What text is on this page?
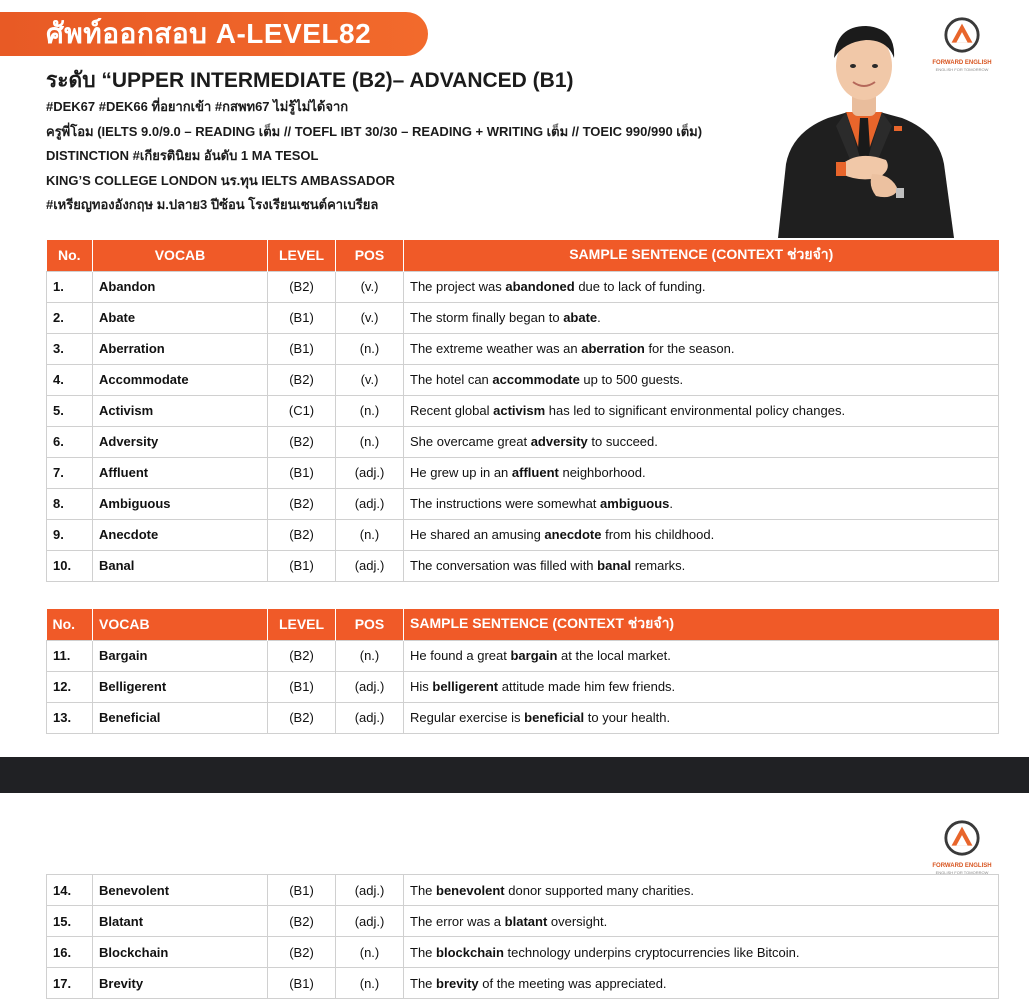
ศัพท์ออกสอบ A-LEVEL82
ระดับ “UPPER INTERMEDIATE (B2)– ADVANCED (B1)
#DEK67 #DEK66 ที่อยากเข้า #กสพท67 ไม่รู้ไม่ได้จาก
ครูพี่โอม (IELTS 9.0/9.0 – READING เต็ม // TOEFL IBT 30/30 – READING + WRITING เต็ม // TOEIC 990/990 เต็ม)
DISTINCTION #เกียรตินิยม อันดับ 1 MA TESOL
KING’S COLLEGE LONDON นร.ทุน IELTS AMBASSADOR
#เหรียญทองอังกฤษ ม.ปลาย3 ปีซ้อน โรงเรียนเซนต์คาเบรียล
FORWARD ENGLISH
ENGLISH FOR TOMORROW
No.	VOCAB	LEVEL	POS	SAMPLE SENTENCE (CONTEXT ช่วยจำ)
1.	Abandon	(B2)	(v.)	The project was abandoned due to lack of funding.
2.	Abate	(B1)	(v.)	The storm finally began to abate.
3.	Aberration	(B1)	(n.)	The extreme weather was an aberration for the season.
4.	Accommodate	(B2)	(v.)	The hotel can accommodate up to 500 guests.
5.	Activism	(C1)	(n.)	Recent global activism has led to significant environmental policy changes.
6.	Adversity	(B2)	(n.)	She overcame great adversity to succeed.
7.	Affluent	(B1)	(adj.)	He grew up in an affluent neighborhood.
8.	Ambiguous	(B2)	(adj.)	The instructions were somewhat ambiguous.
9.	Anecdote	(B2)	(n.)	He shared an amusing anecdote from his childhood.
10.	Banal	(B1)	(adj.)	The conversation was filled with banal remarks.
No.	VOCAB	LEVEL	POS	SAMPLE SENTENCE (CONTEXT ช่วยจำ)
11.	Bargain	(B2)	(n.)	He found a great bargain at the local market.
12.	Belligerent	(B1)	(adj.)	His belligerent attitude made him few friends.
13.	Beneficial	(B2)	(adj.)	Regular exercise is beneficial to your health.
FORWARD ENGLISH
ENGLISH FOR TOMORROW
14.	Benevolent	(B1)	(adj.)	The benevolent donor supported many charities.
15.	Blatant	(B2)	(adj.)	The error was a blatant oversight.
16.	Blockchain	(B2)	(n.)	The blockchain technology underpins cryptocurrencies like Bitcoin.
17.	Brevity	(B1)	(n.)	The brevity of the meeting was appreciated.
